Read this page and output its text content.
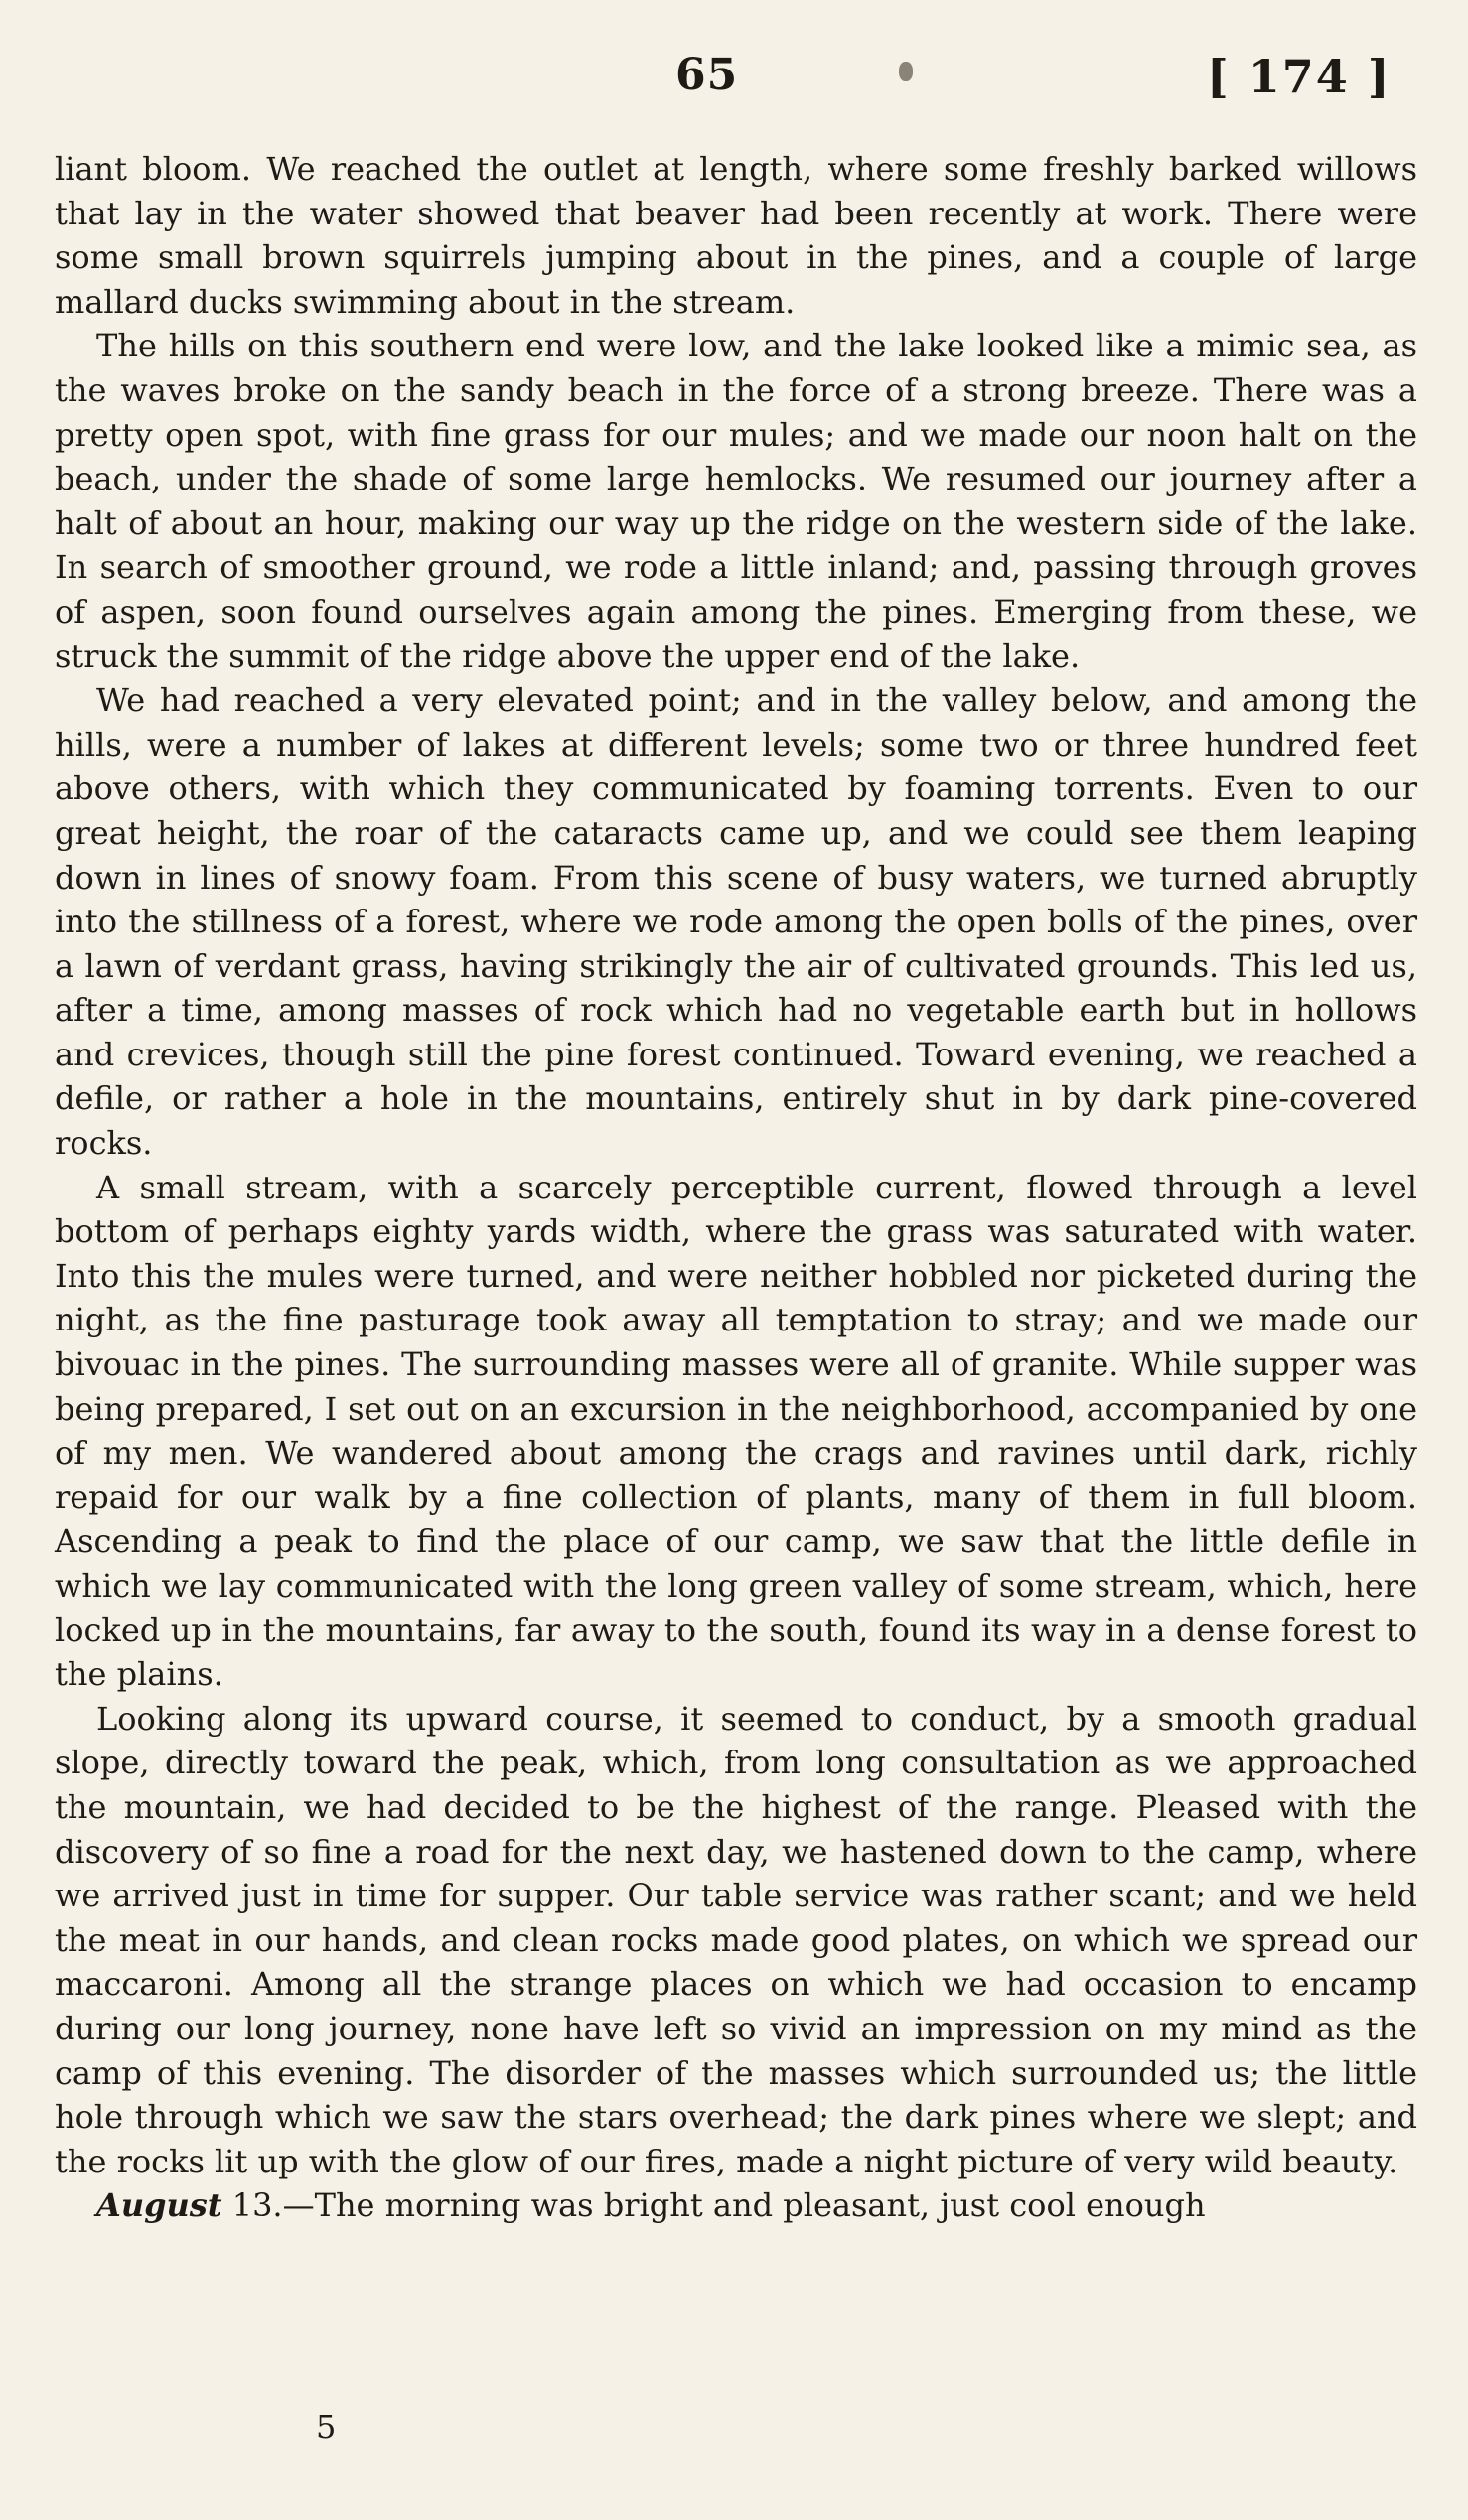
65	[ 174 ]

liant bloom. We reached the outlet at length, where some freshly barked willows that lay in the water showed that beaver had been recently at work. There were some small brown squirrels jumping about in the pines, and a couple of large mallard ducks swimming about in the stream.

The hills on this southern end were low, and the lake looked like a mimic sea, as the waves broke on the sandy beach in the force of a strong breeze. There was a pretty open spot, with fine grass for our mules; and we made our noon halt on the beach, under the shade of some large hemlocks. We resumed our journey after a halt of about an hour, making our way up the ridge on the western side of the lake. In search of smoother ground, we rode a little inland; and, passing through groves of aspen, soon found ourselves again among the pines. Emerging from these, we struck the summit of the ridge above the upper end of the lake.

We had reached a very elevated point; and in the valley below, and among the hills, were a number of lakes at different levels; some two or three hundred feet above others, with which they communicated by foaming torrents. Even to our great height, the roar of the cataracts came up, and we could see them leaping down in lines of snowy foam. From this scene of busy waters, we turned abruptly into the stillness of a forest, where we rode among the open bolls of the pines, over a lawn of verdant grass, having strikingly the air of cultivated grounds. This led us, after a time, among masses of rock which had no vegetable earth but in hollows and crevices, though still the pine forest continued. Toward evening, we reached a defile, or rather a hole in the mountains, entirely shut in by dark pine-covered rocks.

A small stream, with a scarcely perceptible current, flowed through a level bottom of perhaps eighty yards width, where the grass was saturated with water. Into this the mules were turned, and were neither hobbled nor picketed during the night, as the fine pasturage took away all temptation to stray; and we made our bivouac in the pines. The surrounding masses were all of granite. While supper was being prepared, I set out on an excursion in the neighborhood, accompanied by one of my men. We wandered about among the crags and ravines until dark, richly repaid for our walk by a fine collection of plants, many of them in full bloom. Ascending a peak to find the place of our camp, we saw that the little defile in which we lay communicated with the long green valley of some stream, which, here locked up in the mountains, far away to the south, found its way in a dense forest to the plains.

Looking along its upward course, it seemed to conduct, by a smooth gradual slope, directly toward the peak, which, from long consultation as we approached the mountain, we had decided to be the highest of the range. Pleased with the discovery of so fine a road for the next day, we hastened down to the camp, where we arrived just in time for supper. Our table service was rather scant; and we held the meat in our hands, and clean rocks made good plates, on which we spread our maccaroni. Among all the strange places on which we had occasion to encamp during our long journey, none have left so vivid an impression on my mind as the camp of this evening. The disorder of the masses which surrounded us; the little hole through which we saw the stars overhead; the dark pines where we slept; and the rocks lit up with the glow of our fires, made a night picture of very wild beauty.

August 13.—The morning was bright and pleasant, just cool enough

5
